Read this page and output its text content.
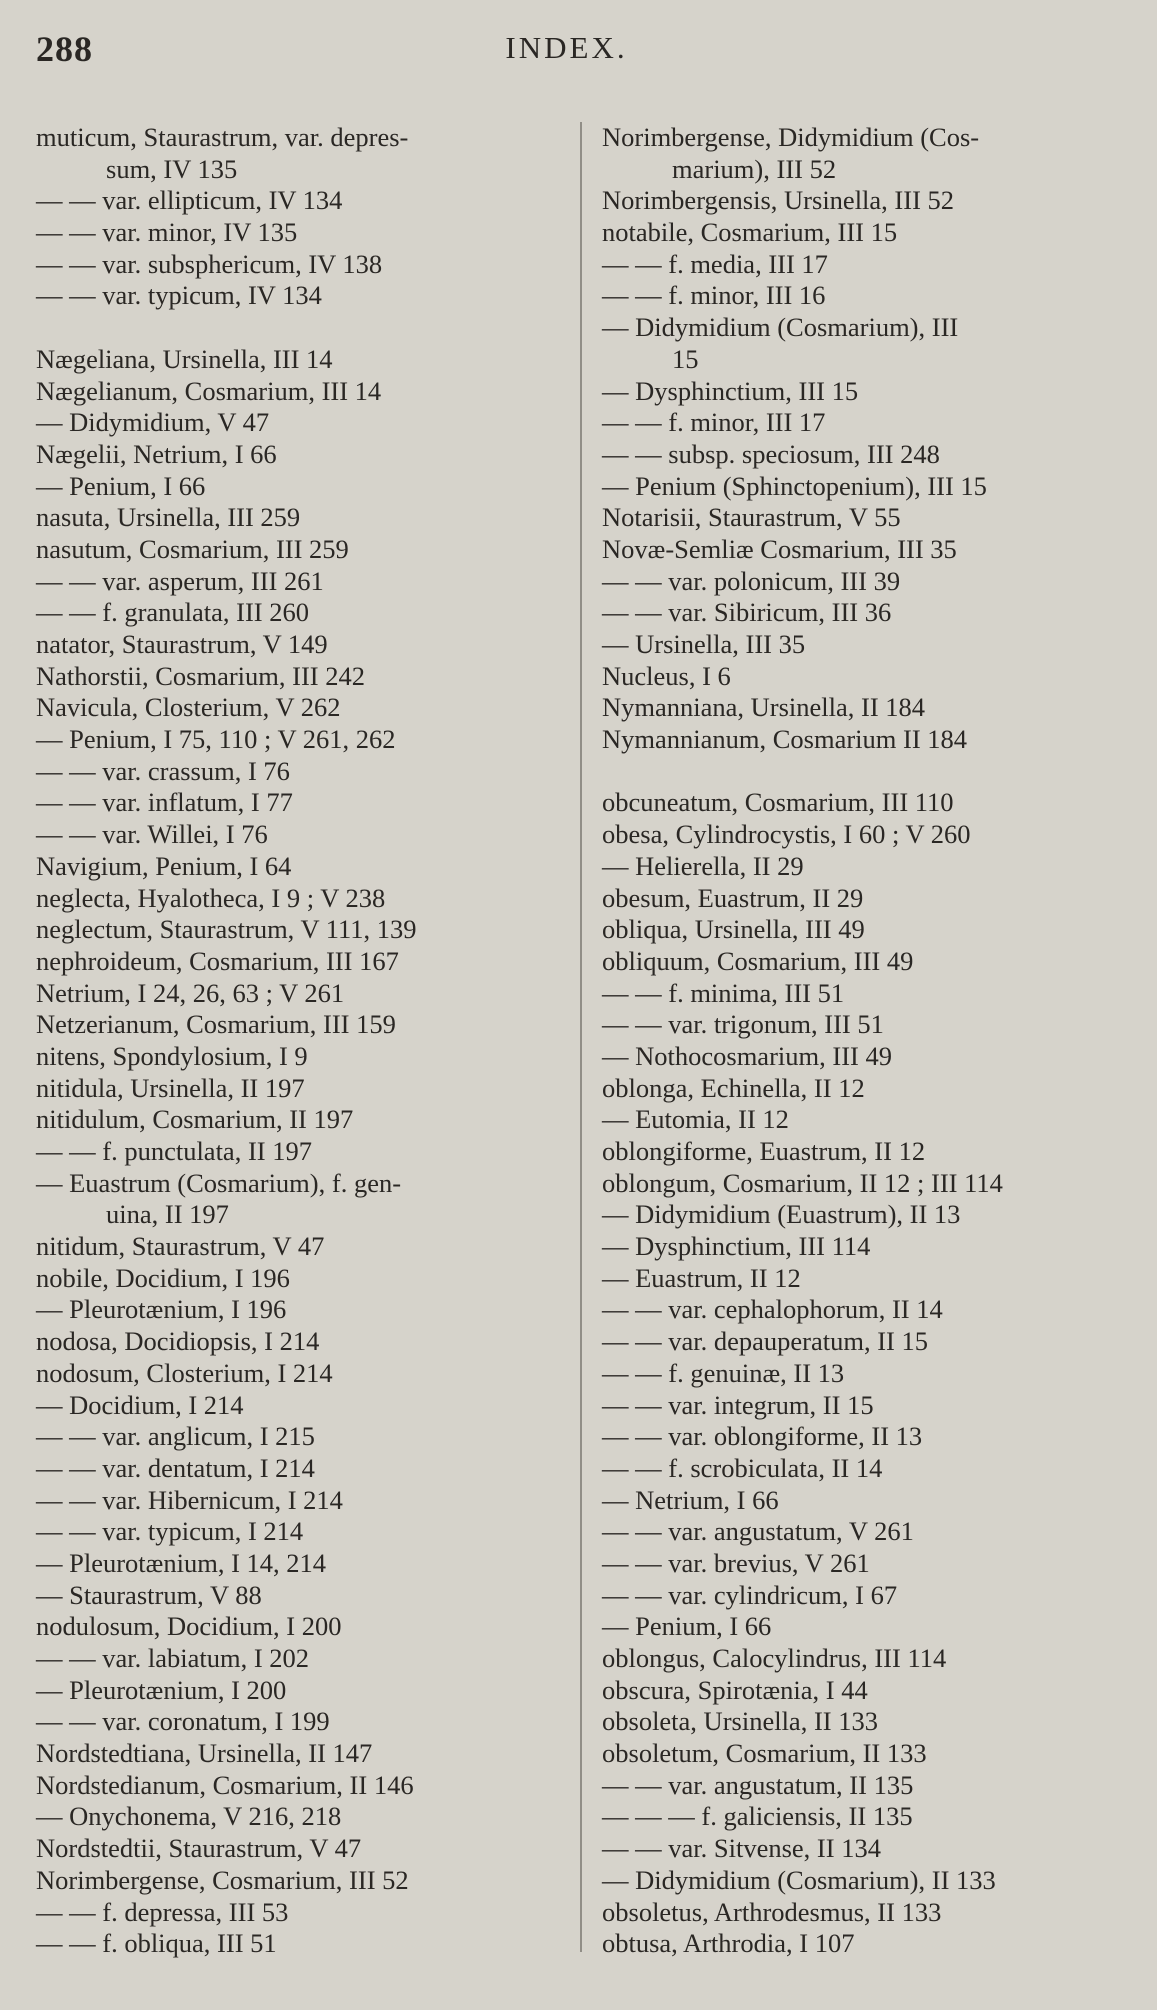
288	INDEX.
muticum, Staurastrum, var. depres-
sum, IV 135
— — var. ellipticum, IV 134
— — var. minor, IV 135
— — var. subsphericum, IV 138
— — var. typicum, IV 134
Nægeliana, Ursinella, III 14
Nægelianum, Cosmarium, III 14
— Didymidium, V 47
Nægelii, Netrium, I 66
— Penium, I 66
nasuta, Ursinella, III 259
nasutum, Cosmarium, III 259
— — var. asperum, III 261
— — f. granulata, III 260
natator, Staurastrum, V 149
Nathorstii, Cosmarium, III 242
Navicula, Closterium, V 262
— Penium, I 75, 110 ; V 261, 262
— — var. crassum, I 76
— — var. inflatum, I 77
— — var. Willei, I 76
Navigium, Penium, I 64
neglecta, Hyalotheca, I 9 ; V 238
neglectum, Staurastrum, V 111, 139
nephroideum, Cosmarium, III 167
Netrium, I 24, 26, 63 ; V 261
Netzerianum, Cosmarium, III 159
nitens, Spondylosium, I 9
nitidula, Ursinella, II 197
nitidulum, Cosmarium, II 197
— — f. punctulata, II 197
— Euastrum (Cosmarium), f. gen-
uina, II 197
nitidum, Staurastrum, V 47
nobile, Docidium, I 196
— Pleurotænium, I 196
nodosa, Docidiopsis, I 214
nodosum, Closterium, I 214
— Docidium, I 214
— — var. anglicum, I 215
— — var. dentatum, I 214
— — var. Hibernicum, I 214
— — var. typicum, I 214
— Pleurotænium, I 14, 214
— Staurastrum, V 88
nodulosum, Docidium, I 200
— — var. labiatum, I 202
— Pleurotænium, I 200
— — var. coronatum, I 199
Nordstedtiana, Ursinella, II 147
Nordstedianum, Cosmarium, II 146
— Onychonema, V 216, 218
Nordstedtii, Staurastrum, V 47
Norimbergense, Cosmarium, III 52
— — f. depressa, III 53
— — f. obliqua, III 51
Norimbergense, Didymidium (Cos-
marium), III 52
Norimbergensis, Ursinella, III 52
notabile, Cosmarium, III 15
— — f. media, III 17
— — f. minor, III 16
— Didymidium (Cosmarium), III
15
— Dysphinctium, III 15
— — f. minor, III 17
— — subsp. speciosum, III 248
— Penium (Sphinctopenium), III 15
Notarisii, Staurastrum, V 55
Novæ-Semliæ Cosmarium, III 35
— — var. polonicum, III 39
— — var. Sibiricum, III 36
— Ursinella, III 35
Nucleus, I 6
Nymanniana, Ursinella, II 184
Nymannianum, Cosmarium II 184
obcuneatum, Cosmarium, III 110
obesa, Cylindrocystis, I 60 ; V 260
— Helierella, II 29
obesum, Euastrum, II 29
obliqua, Ursinella, III 49
obliquum, Cosmarium, III 49
— — f. minima, III 51
— — var. trigonum, III 51
— Nothocosmarium, III 49
oblonga, Echinella, II 12
— Eutomia, II 12
oblongiforme, Euastrum, II 12
oblongum, Cosmarium, II 12 ; III 114
— Didymidium (Euastrum), II 13
— Dysphinctium, III 114
— Euastrum, II 12
— — var. cephalophorum, II 14
— — var. depauperatum, II 15
— — f. genuinæ, II 13
— — var. integrum, II 15
— — var. oblongiforme, II 13
— — f. scrobiculata, II 14
— Netrium, I 66
— — var. angustatum, V 261
— — var. brevius, V 261
— — var. cylindricum, I 67
— Penium, I 66
oblongus, Calocylindrus, III 114
obscura, Spirotænia, I 44
obsoleta, Ursinella, II 133
obsoletum, Cosmarium, II 133
— — var. angustatum, II 135
— — — f. galiciensis, II 135
— — var. Sitvense, II 134
— Didymidium (Cosmarium), II 133
obsoletus, Arthrodesmus, II 133
obtusa, Arthrodia, I 107
